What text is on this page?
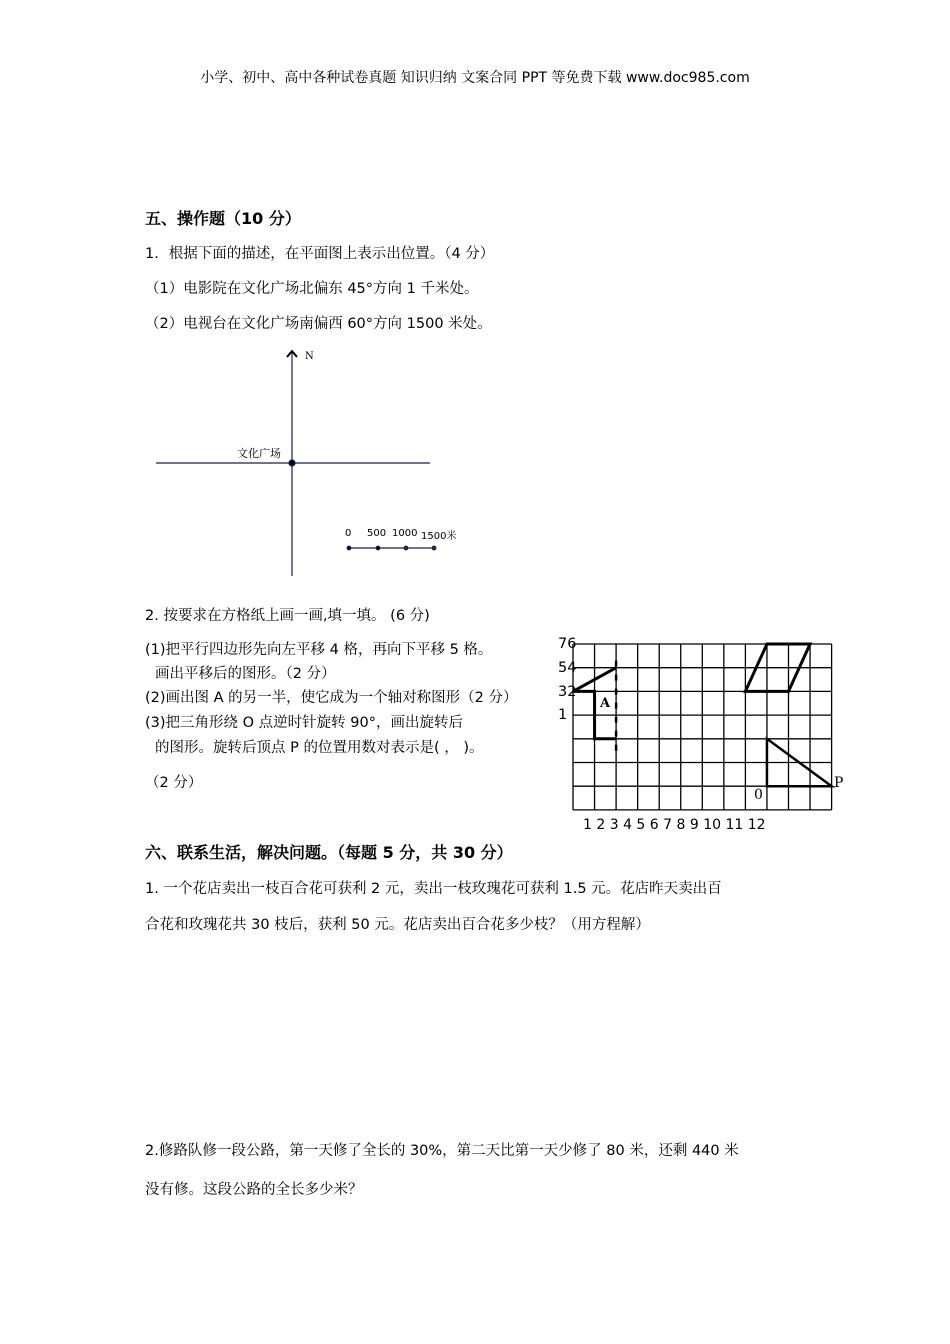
小学、初中、高中各种试卷真题 知识归纳 文案合同 PPT 等免费下载 www.doc985.com
五、操作题（10 分）
1．根据下面的描述，在平面图上表示出位置。（4 分）
（1）电影院在文化广场北偏东 45°方向 1 千米处。
（2）电视台在文化广场南偏西 60°方向 1500 米处。
N
文化广场
0 500 1000 1500米
2. 按要求在方格纸上画一画,填一填。 (6 分)
(1)把平行四边形先向左平移 4 格，再向下平移 5 格。
画出平移后的图形。（2 分）
(2)画出图 A 的另一半，使它成为一个轴对称图形（2 分）
(3)把三角形绕 O 点逆时针旋转 90°，画出旋转后
的图形。旋转后顶点 P 的位置用数对表示是( ， )。
（2 分）
76
54
32
1
1 2 3 4 5 6 7 8 9 10 11 12
A
0
P
六、联系生活，解决问题。（每题 5 分，共 30 分）
1. 一个花店卖出一枝百合花可获利 2 元，卖出一枝玫瑰花可获利 1.5 元。花店昨天卖出百
合花和玫瑰花共 30 枝后，获利 50 元。花店卖出百合花多少枝？（用方程解）
2.修路队修一段公路，第一天修了全长的 30%，第二天比第一天少修了 80 米，还剩 440 米
没有修。这段公路的全长多少米？
